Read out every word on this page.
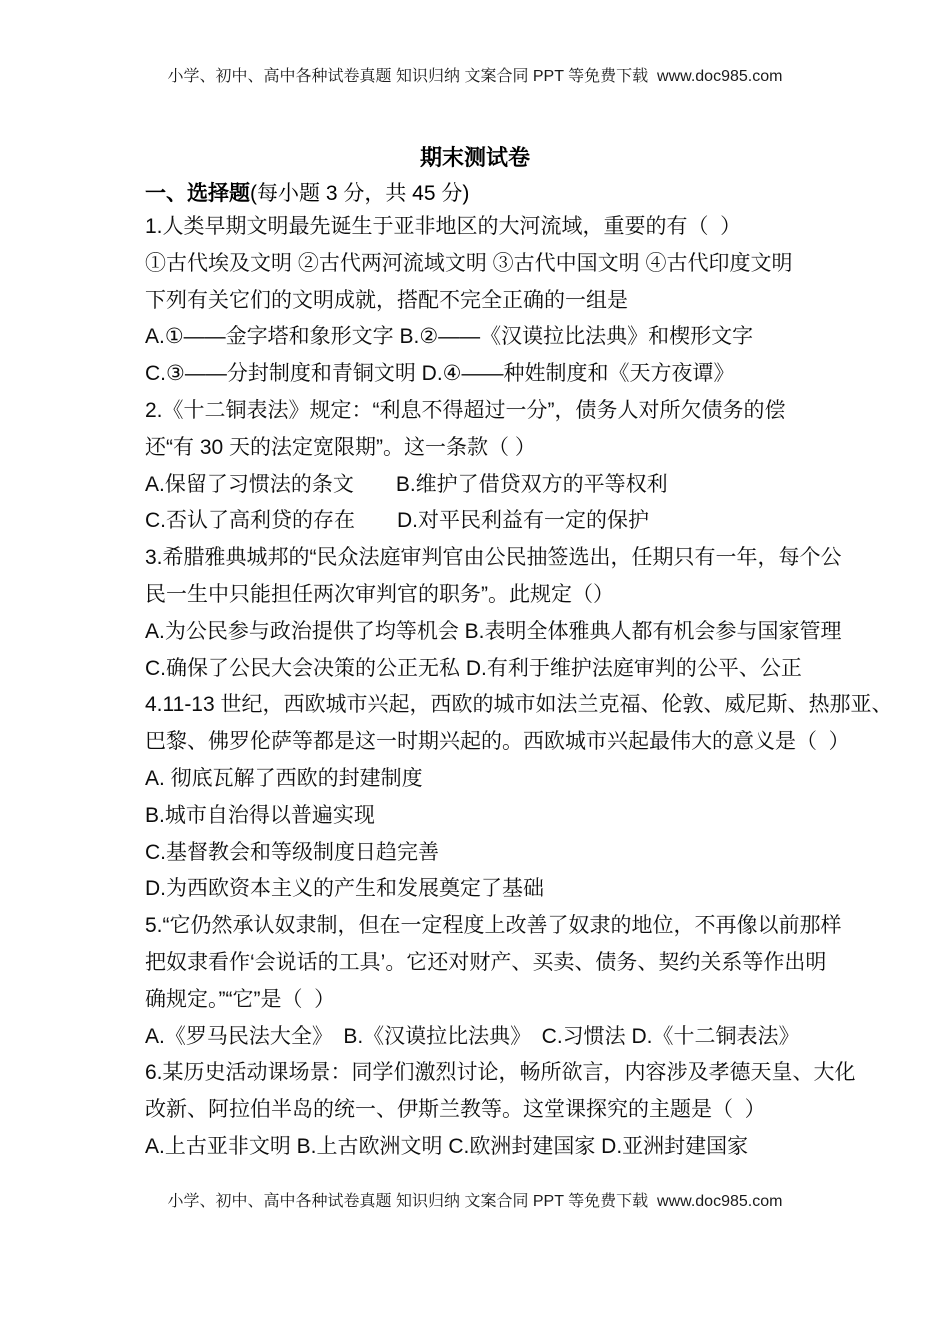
小学、初中、高中各种试卷真题 知识归纳 文案合同 PPT 等免费下载  www.doc985.com
期末测试卷
一、选择题(每小题 3 分，共 45 分)
1.人类早期文明最先诞生于亚非地区的大河流域，重要的有（  ）
①古代埃及文明 ②古代两河流域文明 ③古代中国文明 ④古代印度文明
下列有关它们的文明成就，搭配不完全正确的一组是
A.①——金字塔和象形文字 B.②——《汉谟拉比法典》和楔形文字
C.③——分封制度和青铜文明 D.④——种姓制度和《天方夜谭》
2.《十二铜表法》规定：“利息不得超过一分”，债务人对所欠债务的偿
还“有 30 天的法定宽限期”。这一条款（ ）
A.保留了习惯法的条文　　B.维护了借贷双方的平等权利
C.否认了高利贷的存在　　D.对平民利益有一定的保护
3.希腊雅典城邦的“民众法庭审判官由公民抽签选出，任期只有一年，每个公
民一生中只能担任两次审判官的职务”。此规定（）
A.为公民参与政治提供了均等机会 B.表明全体雅典人都有机会参与国家管理
C.确保了公民大会决策的公正无私 D.有利于维护法庭审判的公平、公正
4.11-13 世纪，西欧城市兴起，西欧的城市如法兰克福、伦敦、威尼斯、热那亚、
巴黎、佛罗伦萨等都是这一时期兴起的。西欧城市兴起最伟大的意义是（  ）
A. 彻底瓦解了西欧的封建制度
B.城市自治得以普遍实现
C.基督教会和等级制度日趋完善
D.为西欧资本主义的产生和发展奠定了基础
5.“它仍然承认奴隶制，但在一定程度上改善了奴隶的地位，不再像以前那样
把奴隶看作‘会说话的工具’。它还对财产、买卖、债务、契约关系等作出明
确规定。”“它”是（  ）
A.《罗马民法大全》　B.《汉谟拉比法典》　C.习惯法 D.《十二铜表法》
6.某历史活动课场景：同学们激烈讨论，畅所欲言，内容涉及孝德天皇、大化
改新、阿拉伯半岛的统一、伊斯兰教等。这堂课探究的主题是（  ）
A.上古亚非文明 B.上古欧洲文明 C.欧洲封建国家 D.亚洲封建国家
小学、初中、高中各种试卷真题 知识归纳 文案合同 PPT 等免费下载  www.doc985.com
